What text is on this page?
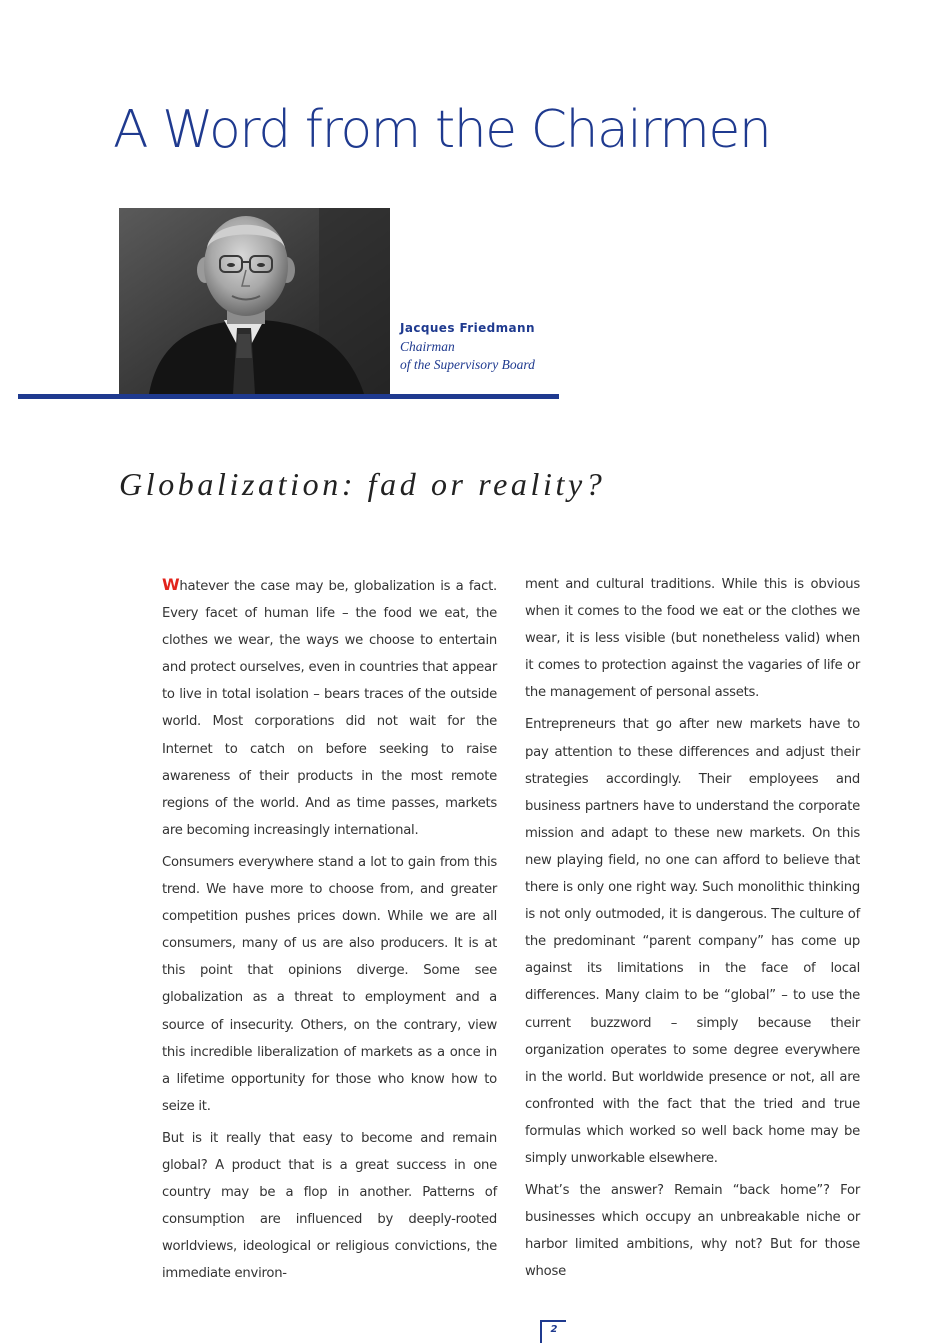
A Word from the Chairmen
Jacques Friedmann
Chairman
of the Supervisory Board
Globalization: fad or reality?

Whatever the case may be, globalization is a fact. Every facet of human life – the food we eat, the clothes we wear, the ways we choose to entertain and protect ourselves, even in countries that appear to live in total isolation – bears traces of the outside world. Most corporations did not wait for the Internet to catch on before seeking to raise awareness of their products in the most remote regions of the world. And as time passes, markets are becoming increasingly international.

Consumers everywhere stand a lot to gain from this trend. We have more to choose from, and greater competition pushes prices down. While we are all consumers, many of us are also producers. It is at this point that opinions diverge. Some see globalization as a threat to employment and a source of insecurity. Others, on the contrary, view this incredible liberalization of markets as a once in a lifetime opportunity for those who know how to seize it.

But is it really that easy to become and remain global? A product that is a great success in one country may be a flop in another. Patterns of consumption are influenced by deeply-rooted worldviews, ideological or religious convictions, the immediate environ-

ment and cultural traditions. While this is obvious when it comes to the food we eat or the clothes we wear, it is less visible (but nonetheless valid) when it comes to protection against the vagaries of life or the management of personal assets.

Entrepreneurs that go after new markets have to pay attention to these differences and adjust their strategies accordingly. Their employees and business partners have to understand the corporate mission and adapt to these new markets. On this new playing field, no one can afford to believe that there is only one right way. Such monolithic thinking is not only outmoded, it is dangerous. The culture of the predominant “parent company” has come up against its limitations in the face of local differences. Many claim to be “global” – to use the current buzzword – simply because their organization operates to some degree everywhere in the world. But worldwide presence or not, all are confronted with the fact that the tried and true formulas which worked so well back home may be simply unworkable elsewhere.

What’s the answer? Remain “back home”? For businesses which occupy an unbreakable niche or harbor limited ambitions, why not? But for those whose

2
